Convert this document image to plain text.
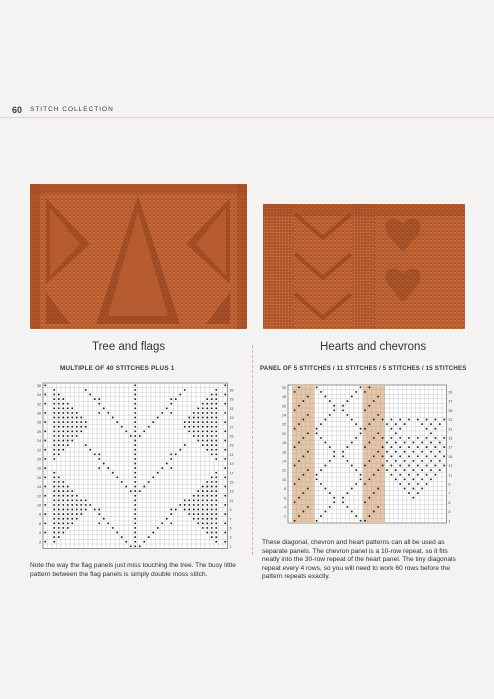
60 STITCH COLLECTION
Tree and flags
MULTIPLE OF 40 STITCHES PLUS 1
Hearts and chevrons
PANEL OF 5 STITCHES / 11 STITCHES / 5 STITCHES / 15 STITCHES
36
34
32
30
28
26
24
22
20
18
16
14
12
10
8
6
4
2
35
33
31
29
27
25
23
21
19
17
15
13
11
9
7
5
3
1
30
28
26
24
22
20
18
16
14
12
10
8
6
4
2
29
27
25
23
21
19
17
15
13
11
9
7
5
3
1

Note the way the flag panels just miss touching the tree. The busy little pattern between the flag panels is simply double moss stitch.

These diagonal, chevron and heart patterns can all be used as separate panels. The chevron panel is a 10-row repeat, so it fits neatly into the 30-row repeat of the heart panel. The tiny diagonals repeat every 4 rows, so you will need to work 60 rows before the pattern repeats exactly.
